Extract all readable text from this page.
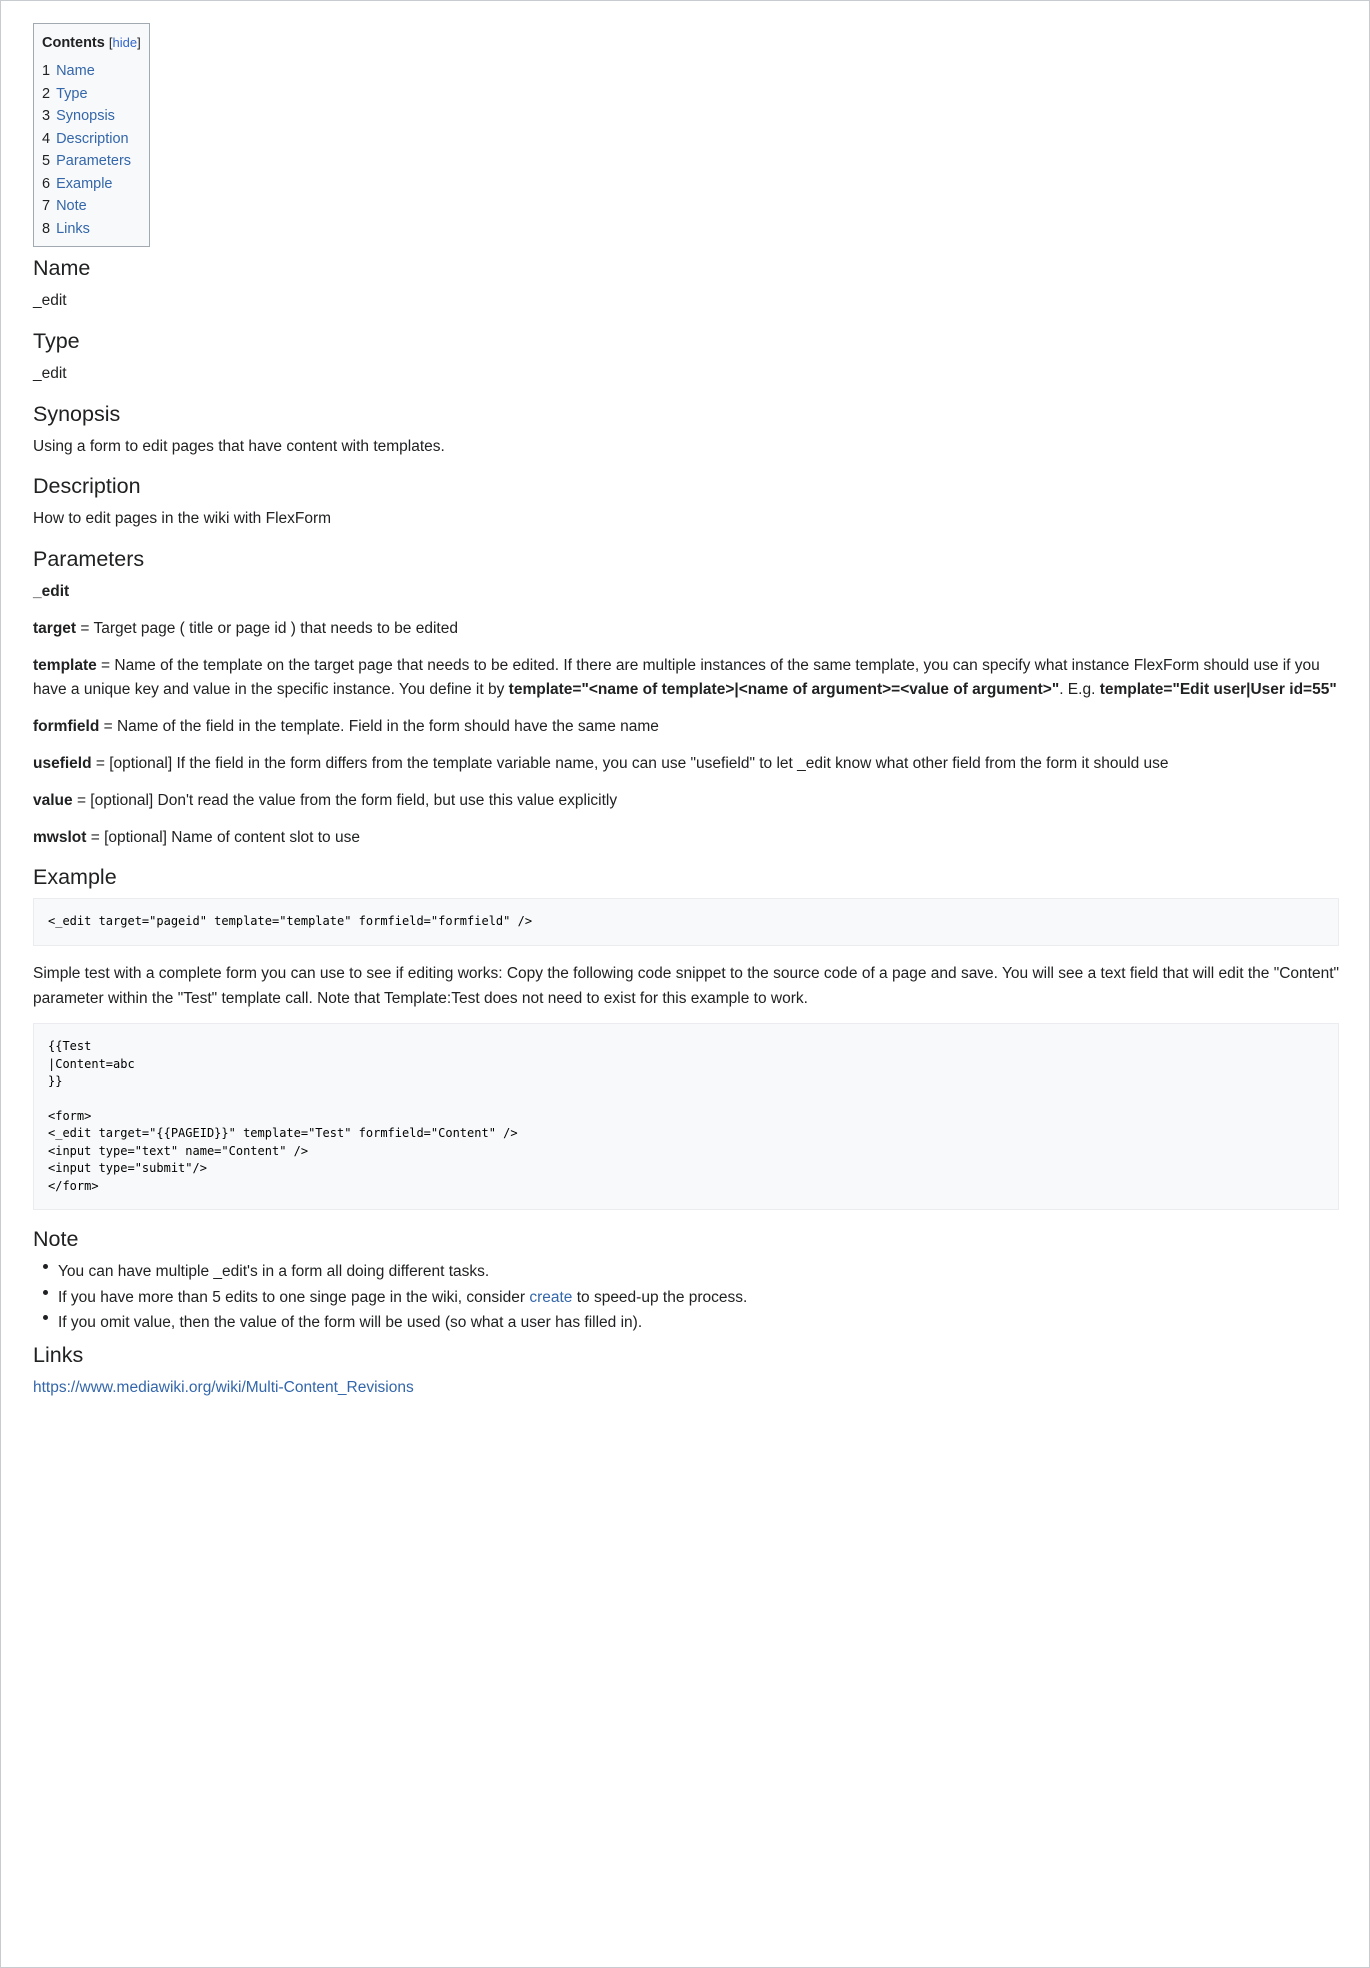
Contents [hide]
1 Name
2 Type
3 Synopsis
4 Description
5 Parameters
6 Example
7 Note
8 Links
Name

_edit

Type

_edit

Synopsis

Using a form to edit pages that have content with templates.

Description

How to edit pages in the wiki with FlexForm

Parameters

_edit

target = Target page ( title or page id ) that needs to be edited

template = Name of the template on the target page that needs to be edited. If there are multiple instances of the same template, you can specify what instance FlexForm should use if you have a unique key and value in the specific instance. You define it by template="<name of template>|<name of argument>=<value of argument>". E.g. template="Edit user|User id=55"

formfield = Name of the field in the template. Field in the form should have the same name

usefield = [optional] If the field in the form differs from the template variable name, you can use "usefield" to let _edit know what other field from the form it should use

value = [optional] Don't read the value from the form field, but use this value explicitly

mwslot = [optional] Name of content slot to use

Example
<_edit target="pageid" template="template" formfield="formfield" />

Simple test with a complete form you can use to see if editing works: Copy the following code snippet to the source code of a page and save. You will see a text field that will edit the "Content" parameter within the "Test" template call. Note that Template:Test does not need to exist for this example to work.

{{Test
|Content=abc
}}

<form>
<_edit target="{{PAGEID}}" template="Test" formfield="Content" />
<input type="text" name="Content" />
<input type="submit"/>
</form>
Note
You can have multiple _edit's in a form all doing different tasks.
If you have more than 5 edits to one singe page in the wiki, consider create to speed-up the process.
If you omit value, then the value of the form will be used (so what a user has filled in).
Links

https://www.mediawiki.org/wiki/Multi-Content_Revisions
